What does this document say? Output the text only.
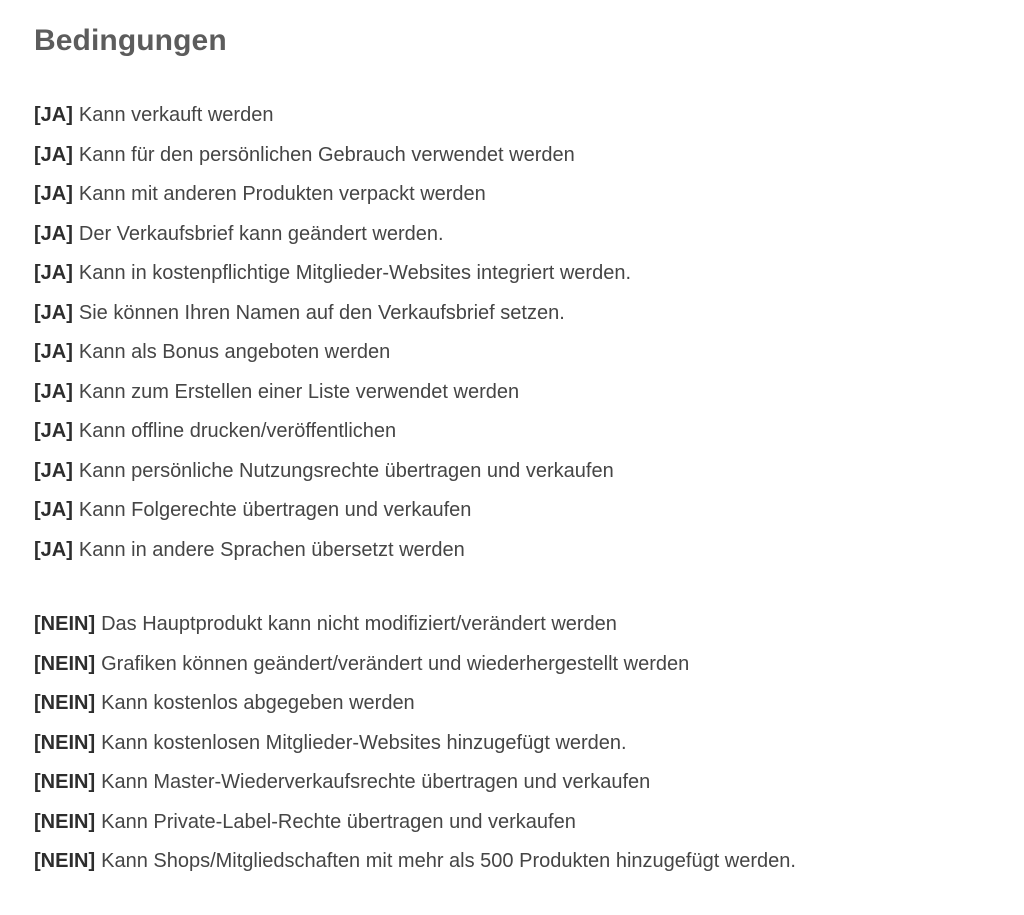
Bedingungen
[JA] Kann verkauft werden
[JA] Kann für den persönlichen Gebrauch verwendet werden
[JA] Kann mit anderen Produkten verpackt werden
[JA] Der Verkaufsbrief kann geändert werden.
[JA] Kann in kostenpflichtige Mitglieder-Websites integriert werden.
[JA] Sie können Ihren Namen auf den Verkaufsbrief setzen.
[JA] Kann als Bonus angeboten werden
[JA] Kann zum Erstellen einer Liste verwendet werden
[JA] Kann offline drucken/veröffentlichen
[JA] Kann persönliche Nutzungsrechte übertragen und verkaufen
[JA] Kann Folgerechte übertragen und verkaufen
[JA] Kann in andere Sprachen übersetzt werden
[NEIN] Das Hauptprodukt kann nicht modifiziert/verändert werden
[NEIN] Grafiken können geändert/verändert und wiederhergestellt werden
[NEIN] Kann kostenlos abgegeben werden
[NEIN] Kann kostenlosen Mitglieder-Websites hinzugefügt werden.
[NEIN] Kann Master-Wiederverkaufsrechte übertragen und verkaufen
[NEIN] Kann Private-Label-Rechte übertragen und verkaufen
[NEIN] Kann Shops/Mitgliedschaften mit mehr als 500 Produkten hinzugefügt werden.
